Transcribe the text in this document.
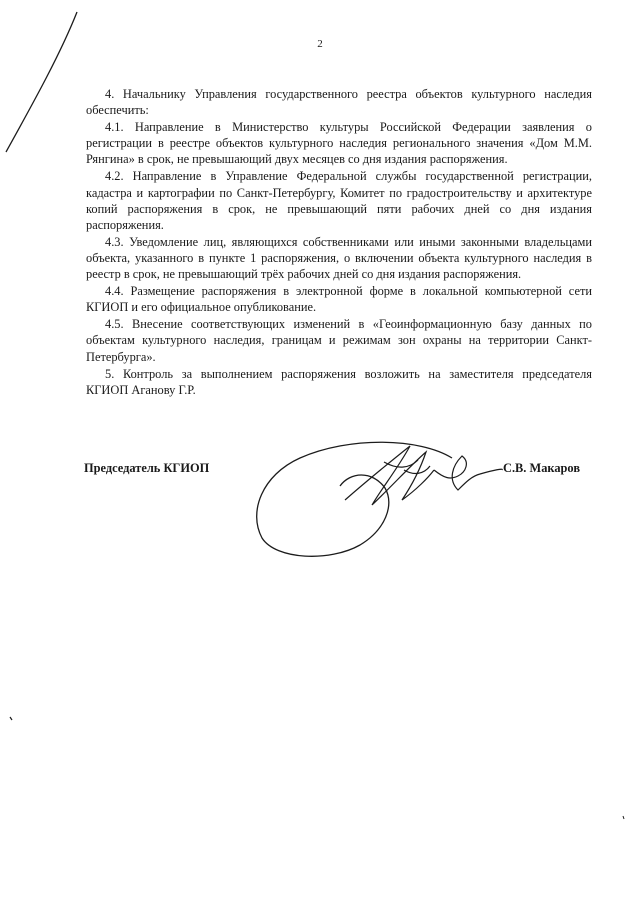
2

4. Начальнику Управления государственного реестра объектов культурного наследия обеспечить:

4.1. Направление в Министерство культуры Российской Федерации заявления о регистрации в реестре объектов культурного наследия регионального значения «Дом М.М. Рянгина» в срок, не превышающий двух месяцев со дня издания распоряжения.

4.2. Направление в Управление Федеральной службы государственной регистрации, кадастра и картографии по Санкт-Петербургу, Комитет по градостроительству и архитектуре копий распоряжения в срок, не превышающий пяти рабочих дней со дня издания распоряжения.

4.3. Уведомление лиц, являющихся собственниками или иными законными владельцами объекта, указанного в пункте 1 распоряжения, о включении объекта культурного наследия в реестр в срок, не превышающий трёх рабочих дней со дня издания распоряжения.

4.4. Размещение распоряжения в электронной форме в локальной компьютерной сети КГИОП и его официальное опубликование.

4.5. Внесение соответствующих изменений в «Геоинформационную базу данных по объектам культурного наследия, границам и режимам зон охраны на территории Санкт-Петербурга».

5. Контроль за выполнением распоряжения возложить на заместителя председателя КГИОП Аганову Г.Р.

Председатель КГИОП	С.В. Макаров
